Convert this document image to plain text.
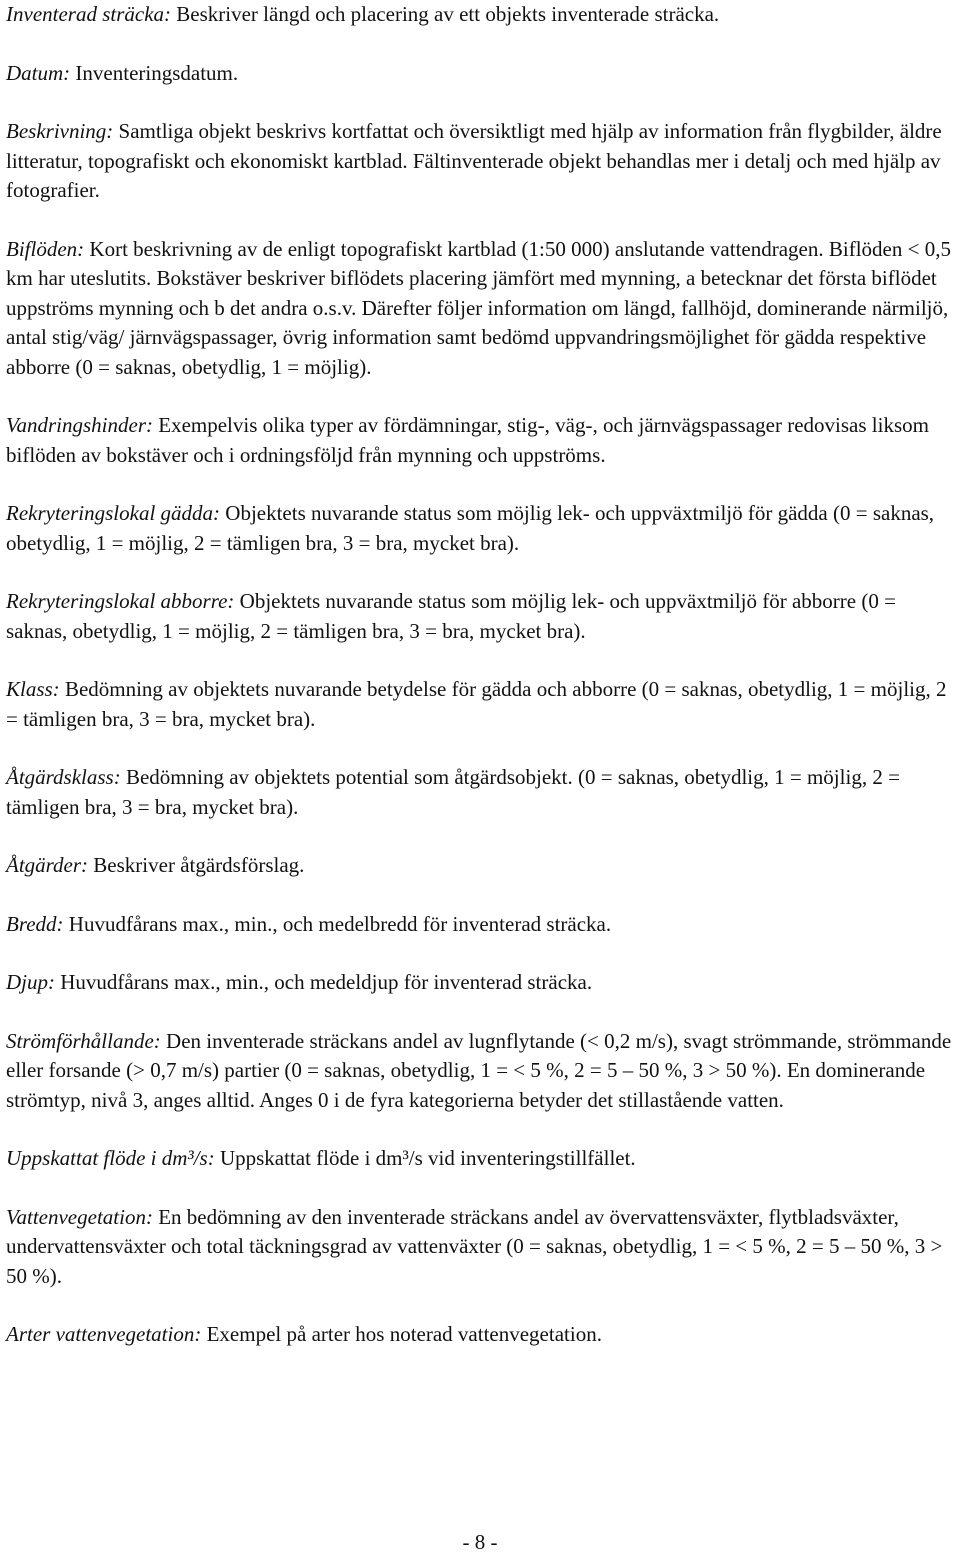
Inventerad sträcka: Beskriver längd och placering av ett objekts inventerade sträcka.

Datum: Inventeringsdatum.

Beskrivning: Samtliga objekt beskrivs kortfattat och översiktligt med hjälp av information från flygbilder, äldre litteratur, topografiskt och ekonomiskt kartblad. Fältinventerade objekt behandlas mer i detalj och med hjälp av fotografier.

Biflöden: Kort beskrivning av de enligt topografiskt kartblad (1:50 000) anslutande vattendragen. Biflöden < 0,5 km har uteslutits. Bokstäver beskriver biflödets placering jämfört med mynning, a betecknar det första biflödet uppströms mynning och b det andra o.s.v. Därefter följer information om längd, fallhöjd, dominerande närmiljö, antal stig/väg/ järnvägspassager, övrig information samt bedömd uppvandringsmöjlighet för gädda respektive abborre (0 = saknas, obetydlig, 1 = möjlig).

Vandringshinder: Exempelvis olika typer av fördämningar, stig-, väg-, och järnvägspassager redovisas liksom biflöden av bokstäver och i ordningsföljd från mynning och uppströms.

Rekryteringslokal gädda: Objektets nuvarande status som möjlig lek- och uppväxtmiljö för gädda (0 = saknas, obetydlig, 1 = möjlig, 2 = tämligen bra, 3 = bra, mycket bra).

Rekryteringslokal abborre: Objektets nuvarande status som möjlig lek- och uppväxtmiljö för abborre (0 = saknas, obetydlig, 1 = möjlig, 2 = tämligen bra, 3 = bra, mycket bra).

Klass: Bedömning av objektets nuvarande betydelse för gädda och abborre (0 = saknas, obetydlig, 1 = möjlig, 2 = tämligen bra, 3 = bra, mycket bra).

Åtgärdsklass: Bedömning av objektets potential som åtgärdsobjekt. (0 = saknas, obetydlig, 1 = möjlig, 2 = tämligen bra, 3 = bra, mycket bra).

Åtgärder: Beskriver åtgärdsförslag.

Bredd: Huvudfårans max., min., och medelbredd för inventerad sträcka.

Djup: Huvudfårans max., min., och medeldjup för inventerad sträcka.

Strömförhållande: Den inventerade sträckans andel av lugnflytande (< 0,2 m/s), svagt strömmande, strömmande eller forsande (> 0,7 m/s) partier (0 = saknas, obetydlig, 1 = < 5 %, 2 = 5 – 50 %, 3 > 50 %). En dominerande strömtyp, nivå 3, anges alltid. Anges 0 i de fyra kategorierna betyder det stillastående vatten.

Uppskattat flöde i dm³/s: Uppskattat flöde i dm³/s vid inventeringstillfället.

Vattenvegetation: En bedömning av den inventerade sträckans andel av övervattensväxter, flytbladsväxter, undervattensväxter och total täckningsgrad av vattenväxter (0 = saknas, obetydlig, 1 = < 5 %, 2 = 5 – 50 %, 3 > 50 %).

Arter vattenvegetation: Exempel på arter hos noterad vattenvegetation.

- 8 -
